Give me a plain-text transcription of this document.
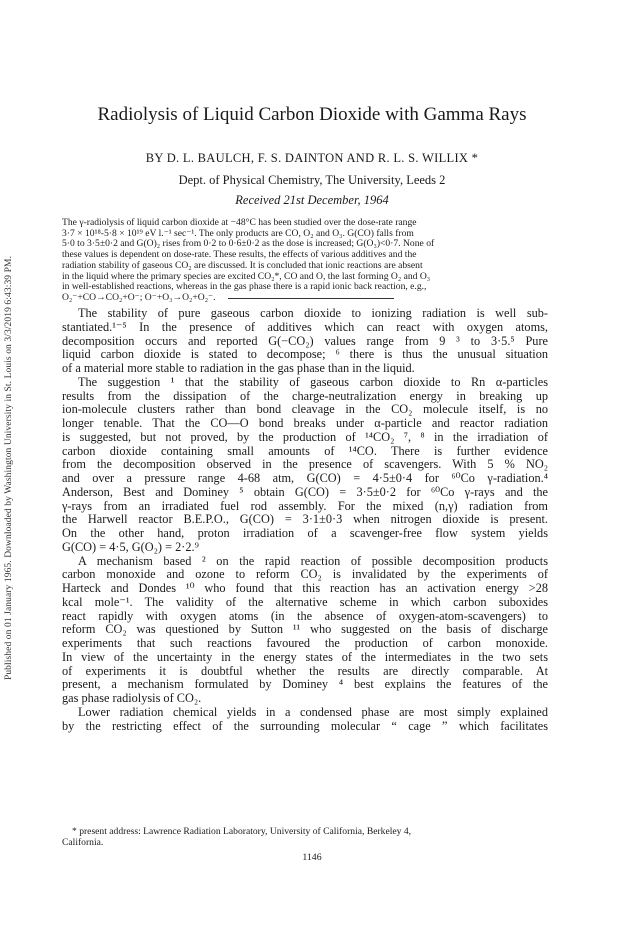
Published on 01 January 1965. Downloaded by Washington University in St. Louis on 3/3/2019 6:43:39 PM.
Radiolysis of Liquid Carbon Dioxide with Gamma Rays
BY D. L. BAULCH, F. S. DAINTON AND R. L. S. WILLIX *
Dept. of Physical Chemistry, The University, Leeds 2
Received 21st December, 1964
The γ-radiolysis of liquid carbon dioxide at −48°C has been studied over the dose-rate range
3·7 × 10¹⁸-5·8 × 10¹⁹ eV l.⁻¹ sec⁻¹. The only products are CO, O₂ and O₃. G(CO) falls from
5·0 to 3·5±0·2 and G(O)₂ rises from 0·2 to 0·6±0·2 as the dose is increased; G(O₃)<0·7. None of
these values is dependent on dose-rate. These results, the effects of various additives and the
radiation stability of gaseous CO₂ are discussed. It is concluded that ionic reactions are absent
in the liquid where the primary species are excited CO₂*, CO and O, the last forming O₂ and O₃
in well-established reactions, whereas in the gas phase there is a rapid ionic back reaction, e.g.,
O₂⁻+CO→CO₂+O⁻; O⁻+O₃→O₂+O₂⁻.
The stability of pure gaseous carbon dioxide to ionizing radiation is well sub-
stantiated.¹⁻⁵ In the presence of additives which can react with oxygen atoms,
decomposition occurs and reported G(−CO₂) values range from 9 ³ to 3·5.⁵ Pure
liquid carbon dioxide is stated to decompose; ⁶ there is thus the unusual situation
of a material more stable to radiation in the gas phase than in the liquid.
The suggestion ¹ that the stability of gaseous carbon dioxide to Rn α-particles
results from the dissipation of the charge-neutralization energy in breaking up
ion-molecule clusters rather than bond cleavage in the CO₂ molecule itself, is no
longer tenable. That the CO—O bond breaks under α-particle and reactor radiation
is suggested, but not proved, by the production of ¹⁴CO₂ ⁷, ⁸ in the irradiation of
carbon dioxide containing small amounts of ¹⁴CO. There is further evidence
from the decomposition observed in the presence of scavengers. With 5 % NO₂
and over a pressure range 4-68 atm, G(CO) = 4·5±0·4 for ⁶⁰Co γ-radiation.⁴
Anderson, Best and Dominey ⁵ obtain G(CO) = 3·5±0·2 for ⁶⁰Co γ-rays and the
γ-rays from an irradiated fuel rod assembly. For the mixed (n,γ) radiation from
the Harwell reactor B.E.P.O., G(CO) = 3·1±0·3 when nitrogen dioxide is present.
On the other hand, proton irradiation of a scavenger-free flow system yields
G(CO) = 4·5, G(O₂) = 2·2.⁹
A mechanism based ² on the rapid reaction of possible decomposition products
carbon monoxide and ozone to reform CO₂ is invalidated by the experiments of
Harteck and Dondes ¹⁰ who found that this reaction has an activation energy >28
kcal mole⁻¹. The validity of the alternative scheme in which carbon suboxides
react rapidly with oxygen atoms (in the absence of oxygen-atom-scavengers) to
reform CO₂ was questioned by Sutton ¹¹ who suggested on the basis of discharge
experiments that such reactions favoured the production of carbon monoxide.
In view of the uncertainty in the energy states of the intermediates in the two sets
of experiments it is doubtful whether the results are directly comparable. At
present, a mechanism formulated by Dominey ⁴ best explains the features of the
gas phase radiolysis of CO₂.
Lower radiation chemical yields in a condensed phase are most simply explained
by the restricting effect of the surrounding molecular “ cage ” which facilitates
* present address: Lawrence Radiation Laboratory, University of California, Berkeley 4,
California.
1146
